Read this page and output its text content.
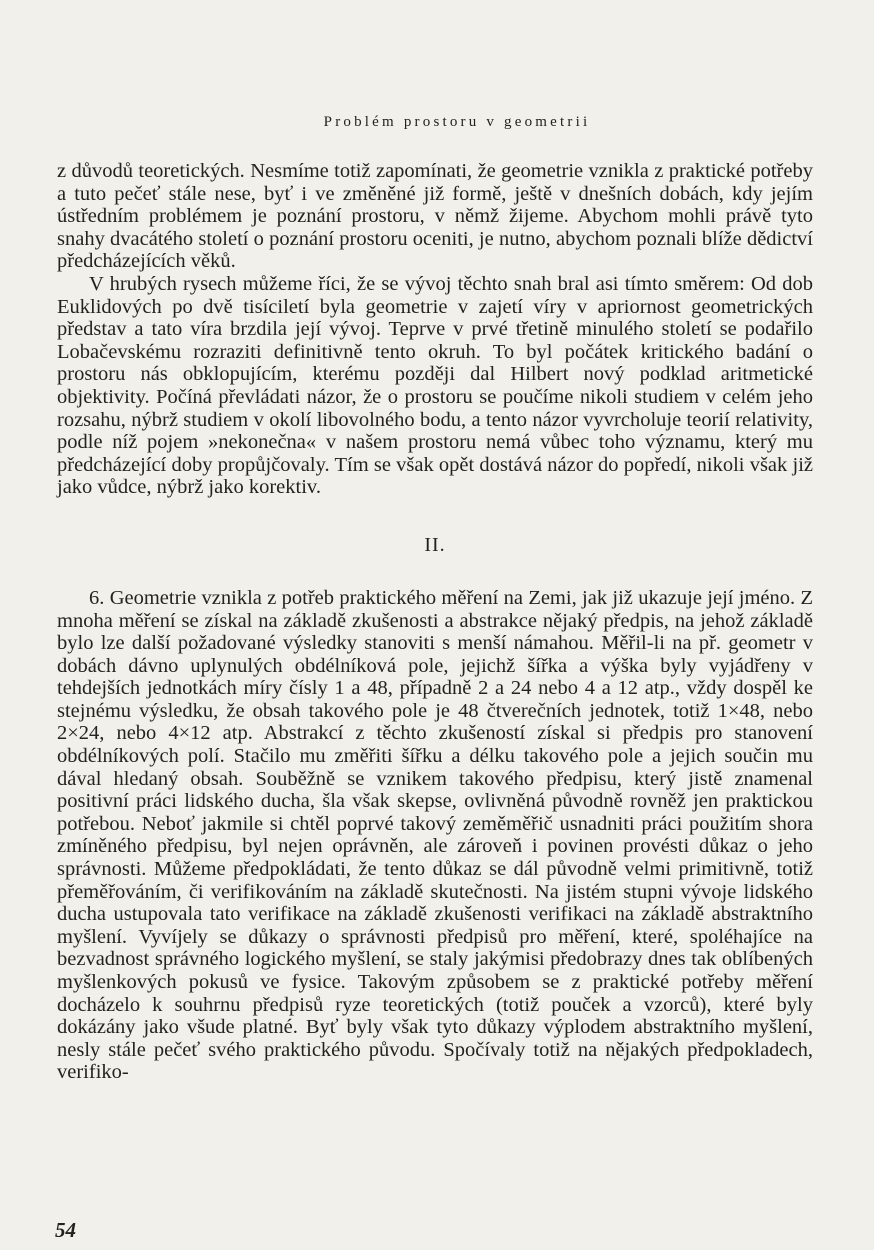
Problém prostoru v geometrii

z důvodů teoretických. Nesmíme totiž zapomínati, že geometrie vznikla z praktické potřeby a tuto pečeť stále nese, byť i ve změněné již formě, ještě v dnešních dobách, kdy jejím ústředním problémem je poznání prostoru, v němž žijeme. Abychom mohli právě tyto snahy dvacátého století o poznání prostoru oceniti, je nutno, abychom poznali blíže dědictví předcházejících věků.

V hrubých rysech můžeme říci, že se vývoj těchto snah bral asi tímto směrem: Od dob Euklidových po dvě tisíciletí byla geometrie v zajetí víry v apriornost geometrických představ a tato víra brzdila její vývoj. Teprve v prvé třetině minulého století se podařilo Lobačevskému rozraziti definitivně tento okruh. To byl počátek kritického badání o prostoru nás obklopujícím, kterému později dal Hilbert nový podklad aritmetické objektivity. Počíná převládati názor, že o prostoru se poučíme nikoli studiem v celém jeho rozsahu, nýbrž studiem v okolí libovolného bodu, a tento názor vyvrcholuje teorií relativity, podle níž pojem »nekonečna« v našem prostoru nemá vůbec toho významu, který mu předcházející doby propůjčovaly. Tím se však opět dostává názor do popředí, nikoli však již jako vůdce, nýbrž jako korektiv.

II.

6. Geometrie vznikla z potřeb praktického měření na Zemi, jak již ukazuje její jméno. Z mnoha měření se získal na základě zkušenosti a abstrakce nějaký předpis, na jehož základě bylo lze další požadované výsledky stanoviti s menší námahou. Měřil-li na př. geometr v dobách dávno uplynulých obdélníková pole, jejichž šířka a výška byly vyjádřeny v tehdejších jednotkách míry čísly 1 a 48, případně 2 a 24 nebo 4 a 12 atp., vždy dospěl ke stejnému výsledku, že obsah takového pole je 48 čtverečních jednotek, totiž 1×48, nebo 2×24, nebo 4×12 atp. Abstrakcí z těchto zkušeností získal si předpis pro stanovení obdélníkových polí. Stačilo mu změřiti šířku a délku takového pole a jejich součin mu dával hledaný obsah. Souběžně se vznikem takového předpisu, který jistě znamenal positivní práci lidského ducha, šla však skepse, ovlivněná původně rovněž jen praktickou potřebou. Neboť jakmile si chtěl poprvé takový zeměměřič usnadniti práci použitím shora zmíněného předpisu, byl nejen oprávněn, ale zároveň i povinen provésti důkaz o jeho správnosti. Můžeme předpokládati, že tento důkaz se dál původně velmi primitivně, totiž přeměřováním, či verifikováním na základě skutečnosti. Na jistém stupni vývoje lidského ducha ustupovala tato verifikace na základě zkušenosti verifikaci na základě abstraktního myšlení. Vyvíjely se důkazy o správnosti předpisů pro měření, které, spoléhajíce na bezvadnost správného logického myšlení, se staly jakýmisi předobrazy dnes tak oblíbených myšlenkových pokusů ve fysice. Takovým způsobem se z praktické potřeby měření docházelo k souhrnu předpisů ryze teoretických (totiž pouček a vzorců), které byly dokázány jako všude platné. Byť byly však tyto důkazy výplodem abstraktního myšlení, nesly stále pečeť svého praktického původu. Spočívaly totiž na nějakých předpokladech, verifiko-

54
